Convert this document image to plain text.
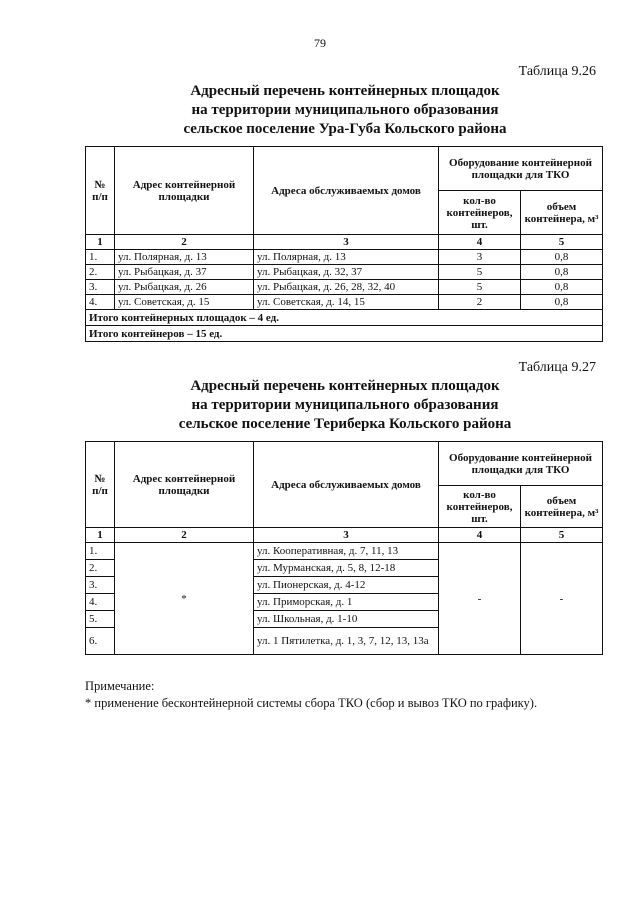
79
Таблица 9.26
Адресный перечень контейнерных площадок
на территории муниципального образования
сельское поселение Ура-Губа Кольского района
№ п/п	Адрес контейнерной площадки	Адреса обслуживаемых домов	Оборудование контейнерной площадки для ТКО	
			кол-во контейнеров, шт.	объем контейнера, м³
1	2	3	4	5
1.	ул. Полярная, д. 13	ул. Полярная, д. 13	3	0,8
2.	ул. Рыбацкая, д. 37	ул. Рыбацкая, д. 32, 37	5	0,8
3.	ул. Рыбацкая, д. 26	ул. Рыбацкая, д. 26, 28, 32, 40	5	0,8
4.	ул. Советская, д. 15	ул. Советская, д. 14, 15	2	0,8
Итого контейнерных площадок – 4 ед.				
Итого контейнеров – 15 ед.				
Таблица 9.27
Адресный перечень контейнерных площадок
на территории муниципального образования
сельское поселение Териберка Кольского района
№ п/п	Адрес контейнерной площадки	Адреса обслуживаемых домов	Оборудование контейнерной площадки для ТКО	
			кол-во контейнеров, шт.	объем контейнера, м³
1	2	3	4	5
1.	*	ул. Кооперативная, д. 7, 11, 13	-	-
2.		ул. Мурманская, д. 5, 8, 12-18		
3.		ул. Пионерская, д. 4-12		
4.		ул. Приморская, д. 1		
5.		ул. Школьная, д. 1-10		
6.		ул. 1 Пятилетка, д. 1, 3, 7, 12, 13, 13а		
Примечание:
* применение бесконтейнерной системы сбора ТКО (сбор и вывоз ТКО по графику).
